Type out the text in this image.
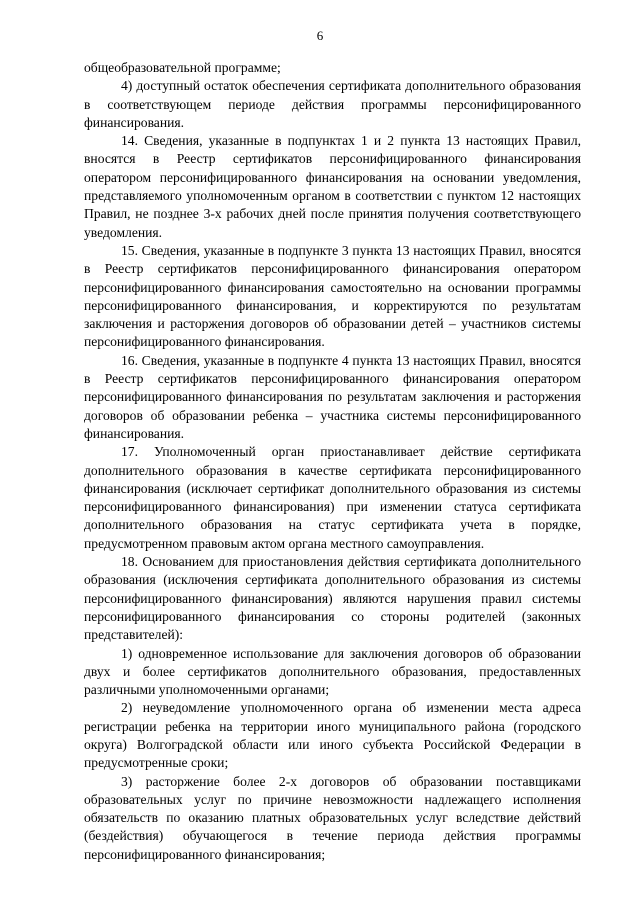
6

общеобразовательной программе;

4) доступный остаток обеспечения сертификата дополнительного образования в соответствующем периоде действия программы персонифицированного финансирования.

14. Сведения, указанные в подпунктах 1 и 2 пункта 13 настоящих Правил, вносятся в Реестр сертификатов персонифицированного финансирования оператором персонифицированного финансирования на основании уведомления, представляемого уполномоченным органом в соответствии с пунктом 12 настоящих Правил, не позднее 3-х рабочих дней после принятия получения соответствующего уведомления.

15. Сведения, указанные в подпункте 3 пункта 13 настоящих Правил, вносятся в Реестр сертификатов персонифицированного финансирования оператором персонифицированного финансирования самостоятельно на основании программы персонифицированного финансирования, и корректируются по результатам заключения и расторжения договоров об образовании детей – участников системы персонифицированного финансирования.

16. Сведения, указанные в подпункте 4 пункта 13 настоящих Правил, вносятся в Реестр сертификатов персонифицированного финансирования оператором персонифицированного финансирования по результатам заключения и расторжения договоров об образовании ребенка – участника системы персонифицированного финансирования.

17. Уполномоченный орган приостанавливает действие сертификата дополнительного образования в качестве сертификата персонифицированного финансирования (исключает сертификат дополнительного образования из системы персонифицированного финансирования) при изменении статуса сертификата дополнительного образования на статус сертификата учета в порядке, предусмотренном правовым актом органа местного самоуправления.

18. Основанием для приостановления действия сертификата дополнительного образования (исключения сертификата дополнительного образования из системы персонифицированного финансирования) являются нарушения правил системы персонифицированного финансирования со стороны родителей (законных представителей):

1) одновременное использование для заключения договоров об образовании двух и более сертификатов дополнительного образования, предоставленных различными уполномоченными органами;

2) неуведомление уполномоченного органа об изменении места адреса регистрации ребенка на территории иного муниципального района (городского округа) Волгоградской области или иного субъекта Российской Федерации в предусмотренные сроки;

3) расторжение более 2-х договоров об образовании поставщиками образовательных услуг по причине невозможности надлежащего исполнения обязательств по оказанию платных образовательных услуг вследствие действий (бездействия) обучающегося в течение периода действия программы персонифицированного финансирования;
